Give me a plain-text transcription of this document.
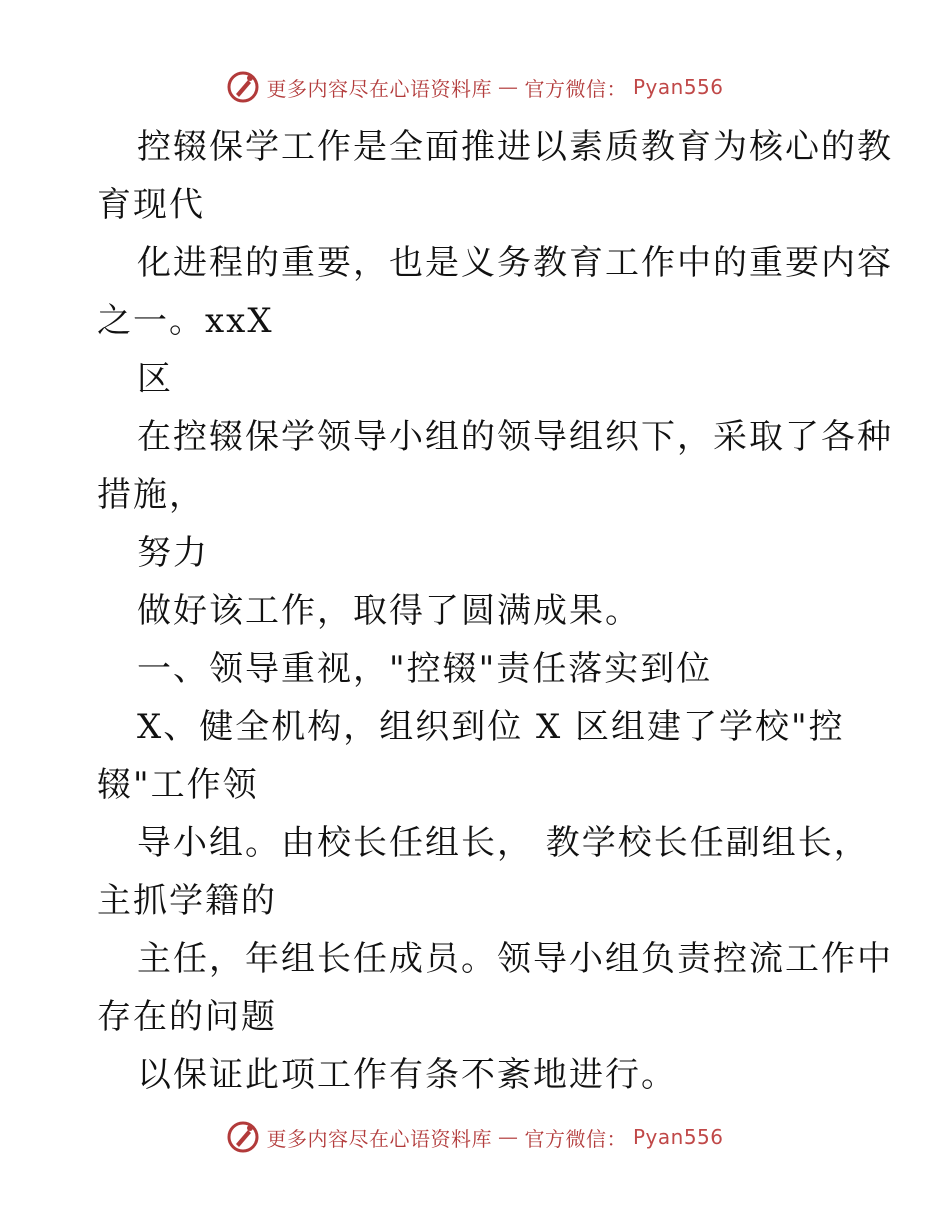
更多内容尽在心语资料库 — 官方微信： Pyan556
控辍保学工作是全面推进以素质教育为核心的教
育现代
化进程的重要，也是义务教育工作中的重要内容
之一。xxX
区
在控辍保学领导小组的领导组织下，采取了各种
措施，
努力
做好该工作，取得了圆满成果。
一、领导重视，"控辍"责任落实到位
X、健全机构，组织到位 X 区组建了学校"控
辍"工作领
导小组。由校长任组长， 教学校长任副组长，
主抓学籍的
主任，年组长任成员。领导小组负责控流工作中
存在的问题
以保证此项工作有条不紊地进行。
更多内容尽在心语资料库 — 官方微信： Pyan556
